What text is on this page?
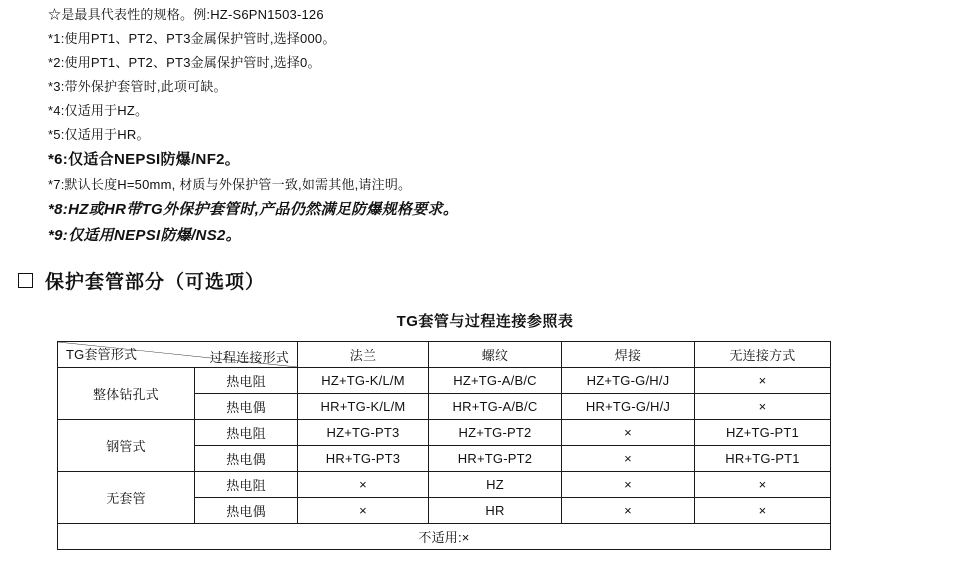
☆是最具代表性的规格。例:HZ-S6PN1503-126
*1:使用PT1、PT2、PT3金属保护管时,选择000。
*2:使用PT1、PT2、PT3金属保护管时,选择0。
*3:带外保护套管时,此项可缺。
*4:仅适用于HZ。
*5:仅适用于HR。
*6:仅适合NEPSI防爆/NF2。
*7:默认长度H=50mm, 材质与外保护管一致,如需其他,请注明。
*8:HZ或HR带TG外保护套管时,产品仍然满足防爆规格要求。
*9:仅适用NEPSI防爆/NS2。
保护套管部分（可选项）
TG套管与过程连接参照表
过程连接形式
TG套管形式		法兰	螺纹	焊接	无连接方式
整体钻孔式	热电阻	HZ+TG-K/L/M	HZ+TG-A/B/C	HZ+TG-G/H/J	×
	热电偶	HR+TG-K/L/M	HR+TG-A/B/C	HR+TG-G/H/J	×
钢管式	热电阻	HZ+TG-PT3	HZ+TG-PT2	×	HZ+TG-PT1
	热电偶	HR+TG-PT3	HR+TG-PT2	×	HR+TG-PT1
无套管	热电阻	×	HZ	×	×
	热电偶	×	HR	×	×
不适用:×					
